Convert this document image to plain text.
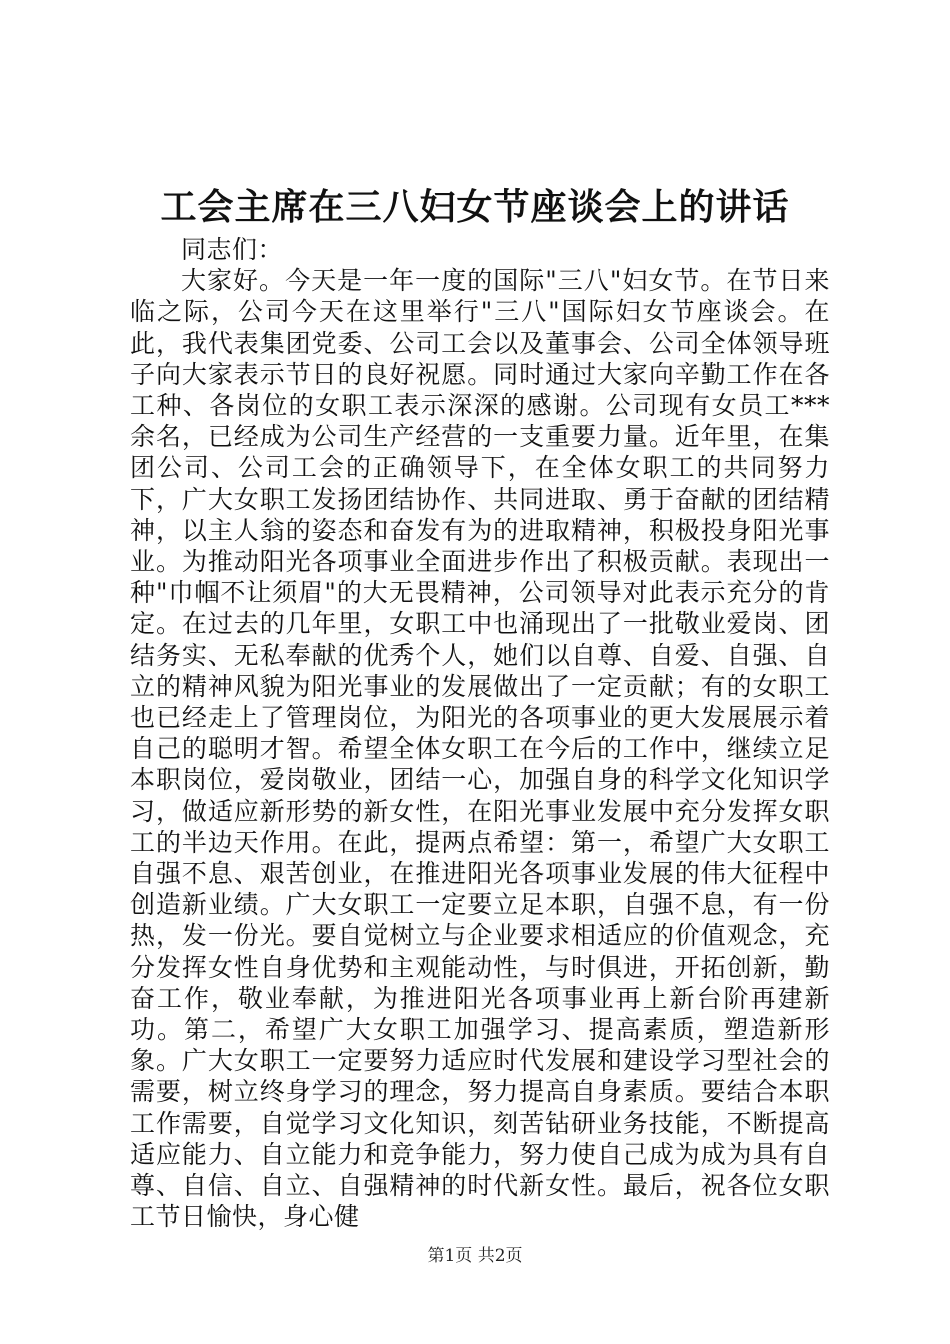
工会主席在三八妇女节座谈会上的讲话

同志们：

大家好。今天是一年一度的国际"三八"妇女节。在节日来临之际，公司今天在这里举行"三八"国际妇女节座谈会。在此，我代表集团党委、公司工会以及董事会、公司全体领导班子向大家表示节日的良好祝愿。同时通过大家向辛勤工作在各工种、各岗位的女职工表示深深的感谢。公司现有女员工***余名，已经成为公司生产经营的一支重要力量。近年里，在集团公司、公司工会的正确领导下，在全体女职工的共同努力下，广大女职工发扬团结协作、共同进取、勇于奋献的团结精神，以主人翁的姿态和奋发有为的进取精神，积极投身阳光事业。为推动阳光各项事业全面进步作出了积极贡献。表现出一种"巾帼不让须眉"的大无畏精神，公司领导对此表示充分的肯定。在过去的几年里，女职工中也涌现出了一批敬业爱岗、团结务实、无私奉献的优秀个人，她们以自尊、自爱、自强、自立的精神风貌为阳光事业的发展做出了一定贡献；有的女职工也已经走上了管理岗位，为阳光的各项事业的更大发展展示着自己的聪明才智。希望全体女职工在今后的工作中，继续立足本职岗位，爱岗敬业，团结一心，加强自身的科学文化知识学习，做适应新形势的新女性，在阳光事业发展中充分发挥女职工的半边天作用。在此，提两点希望：第一，希望广大女职工自强不息、艰苦创业，在推进阳光各项事业发展的伟大征程中创造新业绩。广大女职工一定要立足本职，自强不息，有一份热，发一份光。要自觉树立与企业要求相适应的价值观念，充分发挥女性自身优势和主观能动性，与时俱进，开拓创新，勤奋工作，敬业奉献，为推进阳光各项事业再上新台阶再建新功。第二，希望广大女职工加强学习、提高素质，塑造新形象。广大女职工一定要努力适应时代发展和建设学习型社会的需要，树立终身学习的理念，努力提高自身素质。要结合本职工作需要，自觉学习文化知识，刻苦钻研业务技能，不断提高适应能力、自立能力和竞争能力，努力使自己成为成为具有自尊、自信、自立、自强精神的时代新女性。最后，祝各位女职工节日愉快，身心健

第1页 共2页
